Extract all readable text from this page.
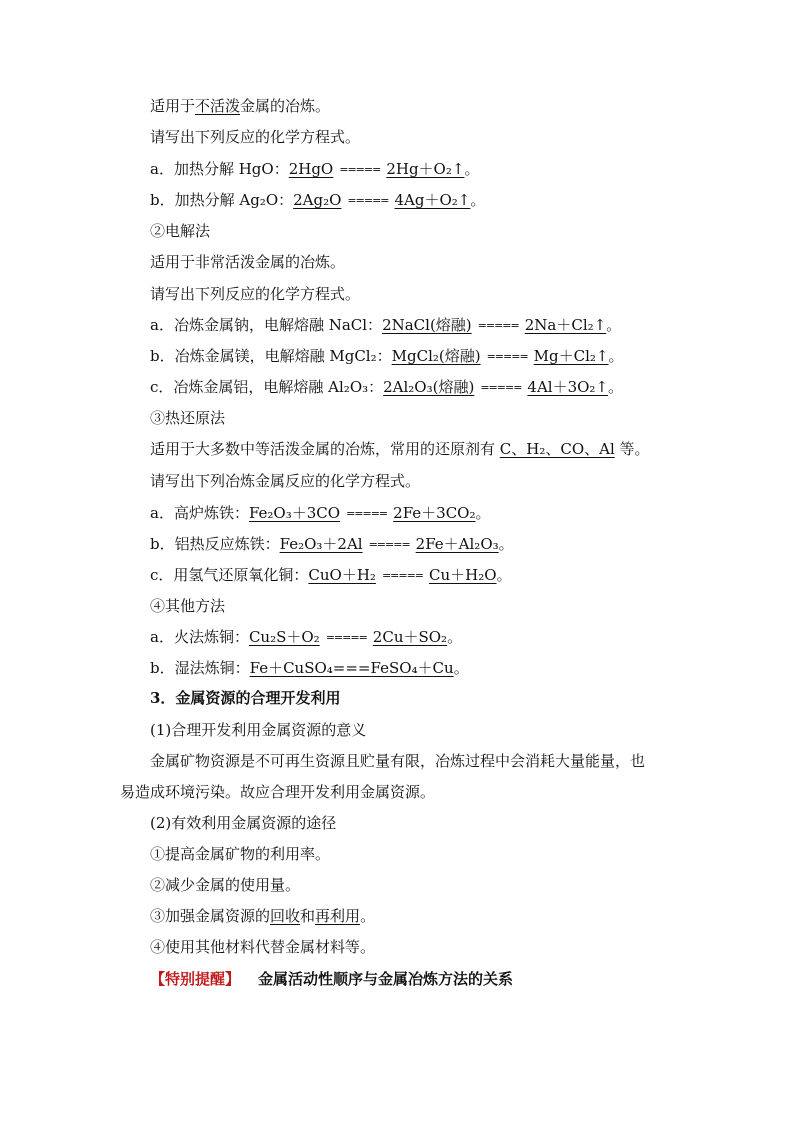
适用于不活泼金属的冶炼。
请写出下列反应的化学方程式。
a．加热分解 HgO：2HgO ===== 2Hg＋O₂↑。
b．加热分解 Ag₂O：2Ag₂O ===== 4Ag＋O₂↑。
②电解法
适用于非常活泼金属的冶炼。
请写出下列反应的化学方程式。
a．冶炼金属钠，电解熔融 NaCl：2NaCl(熔融) ===== 2Na＋Cl₂↑。
b．冶炼金属镁，电解熔融 MgCl₂：MgCl₂(熔融) ===== Mg＋Cl₂↑。
c．冶炼金属铝，电解熔融 Al₂O₃：2Al₂O₃(熔融) ===== 4Al＋3O₂↑。
③热还原法
适用于大多数中等活泼金属的冶炼，常用的还原剂有 C、H₂、CO、Al 等。
请写出下列冶炼金属反应的化学方程式。
a．高炉炼铁：Fe₂O₃＋3CO ===== 2Fe＋3CO₂。
b．铝热反应炼铁：Fe₂O₃＋2Al ===== 2Fe＋Al₂O₃。
c．用氢气还原氧化铜：CuO＋H₂ ===== Cu＋H₂O。
④其他方法
a．火法炼铜：Cu₂S＋O₂ ===== 2Cu＋SO₂。
b．湿法炼铜：Fe＋CuSO₄===FeSO₄＋Cu。
3．金属资源的合理开发利用
(1)合理开发利用金属资源的意义
金属矿物资源是不可再生资源且贮量有限，冶炼过程中会消耗大量能量，也
易造成环境污染。故应合理开发利用金属资源。
(2)有效利用金属资源的途径
①提高金属矿物的利用率。
②减少金属的使用量。
③加强金属资源的回收和再利用。
④使用其他材料代替金属材料等。
【特别提醒】 金属活动性顺序与金属冶炼方法的关系
